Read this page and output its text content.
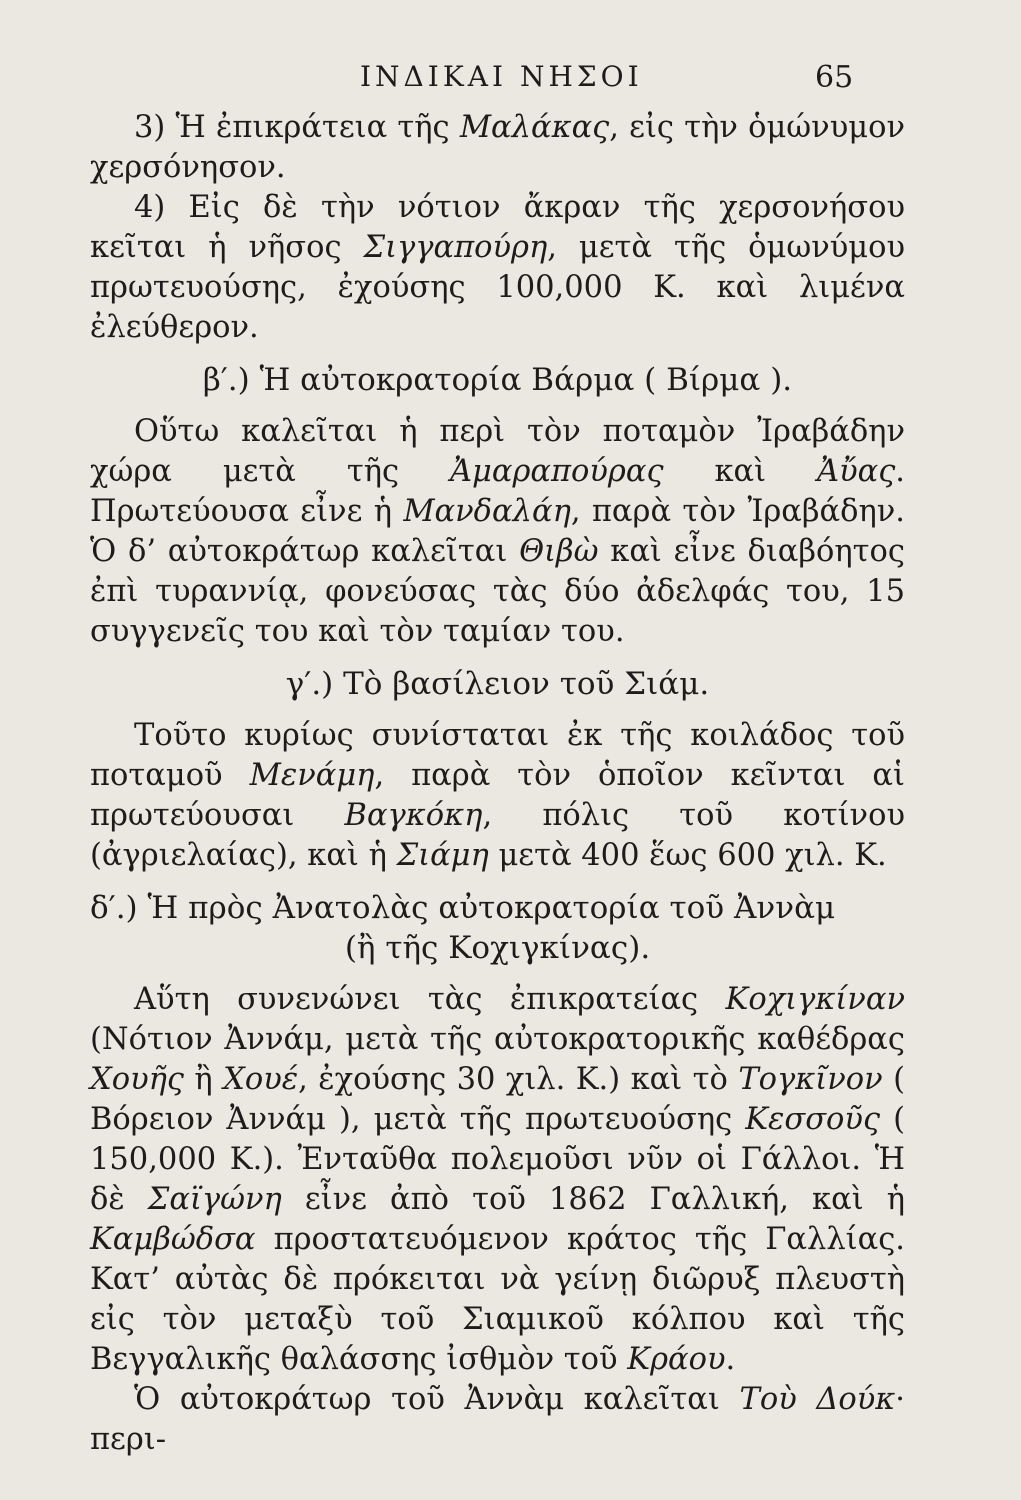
ΙΝΔΙΚΑΙ ΝΗΣΟΙ	65

3) Ἡ ἐπικράτεια τῆς Μαλάκας, εἰς τὴν ὁμώνυμον χερσόνησον.

4) Εἰς δὲ τὴν νότιον ἄκραν τῆς χερσονήσου κεῖται ἡ νῆσος Σιγγαπούρη, μετὰ τῆς ὁμωνύμου πρωτευούσης, ἐχούσης 100,000 Κ. καὶ λιμένα ἐλεύθερον.

β′.) Ἡ αὐτοκρατορία Βάρμα ( Βίρμα ).

Οὕτω καλεῖται ἡ περὶ τὸν ποταμὸν Ἰραβάδην χώρα μετὰ τῆς Ἀμαραπούρας καὶ Ἀὔας. Πρωτεύουσα εἶνε ἡ Μανδαλάη, παρὰ τὸν Ἰραβάδην. Ὁ δ’ αὐτοκράτωρ καλεῖται Θιβὼ καὶ εἶνε διαβόητος ἐπὶ τυραννίᾳ, φονεύσας τὰς δύο ἀδελφάς του, 15 συγγενεῖς του καὶ τὸν ταμίαν του.

γ′.) Τὸ βασίλειον τοῦ Σιάμ.

Τοῦτο κυρίως συνίσταται ἐκ τῆς κοιλάδος τοῦ ποταμοῦ Μενάμη, παρὰ τὸν ὁποῖον κεῖνται αἱ πρωτεύουσαι Βαγκόκη, πόλις τοῦ κοτίνου (ἀγριελαίας), καὶ ἡ Σιάμη μετὰ 400 ἕως 600 χιλ. Κ.

δ′.) Ἡ πρὸς Ἀνατολὰς αὐτοκρατορία τοῦ Ἀννὰμ

(ἢ τῆς Κοχιγκίνας).

Αὕτη συνενώνει τὰς ἐπικρατείας Κοχιγκίναν (Νότιον Ἀννάμ, μετὰ τῆς αὐτοκρατορικῆς καθέδρας Χουῆς ἢ Χουέ, ἐχούσης 30 χιλ. Κ.) καὶ τὸ Τογκῖνον ( Βόρειον Ἀννάμ ), μετὰ τῆς πρωτευούσης Κεσσοῦς ( 150,000 Κ.). Ἐνταῦθα πολεμοῦσι νῦν οἱ Γάλλοι. Ἡ δὲ Σαϊγώνη εἶνε ἀπὸ τοῦ 1862 Γαλλική, καὶ ἡ Καμβώδσα προστατευόμενον κράτος τῆς Γαλλίας. Κατ’ αὐτὰς δὲ πρόκειται νὰ γείνῃ διῶρυξ πλευστὴ εἰς τὸν μεταξὺ τοῦ Σιαμικοῦ κόλπου καὶ τῆς Βεγγαλικῆς θαλάσσης ἰσθμὸν τοῦ Κράου.

Ὁ αὐτοκράτωρ τοῦ Ἀννὰμ καλεῖται Τοὺ Δούκ· περι-
